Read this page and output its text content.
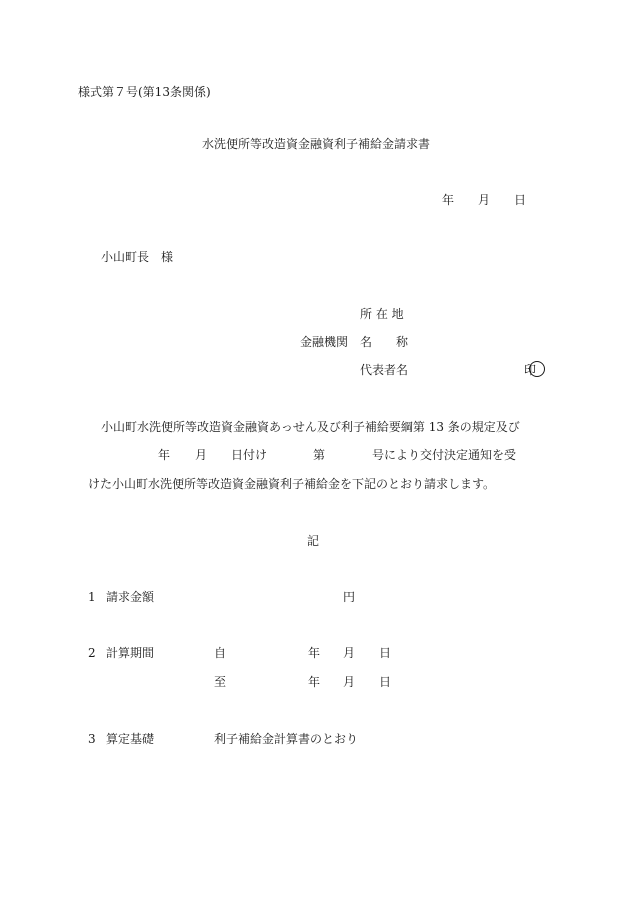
様式第７号(第13条関係)
水洗便所等改造資金融資利子補給金請求書
年 月 日
小山町長　様
所 在 地
金融機関 名　　称
代表者名	印
小山町水洗便所等改造資金融資あっせん及び利子補給要綱第 13 条の規定及び
年 月 日付け	第	号により交付決定通知を受
けた小山町水洗便所等改造資金融資利子補給金を下記のとおり請求します。
記
1 請求金額	円
2 計算期間	自	年 月 日
至	年 月 日
3 算定基礎	利子補給金計算書のとおり
